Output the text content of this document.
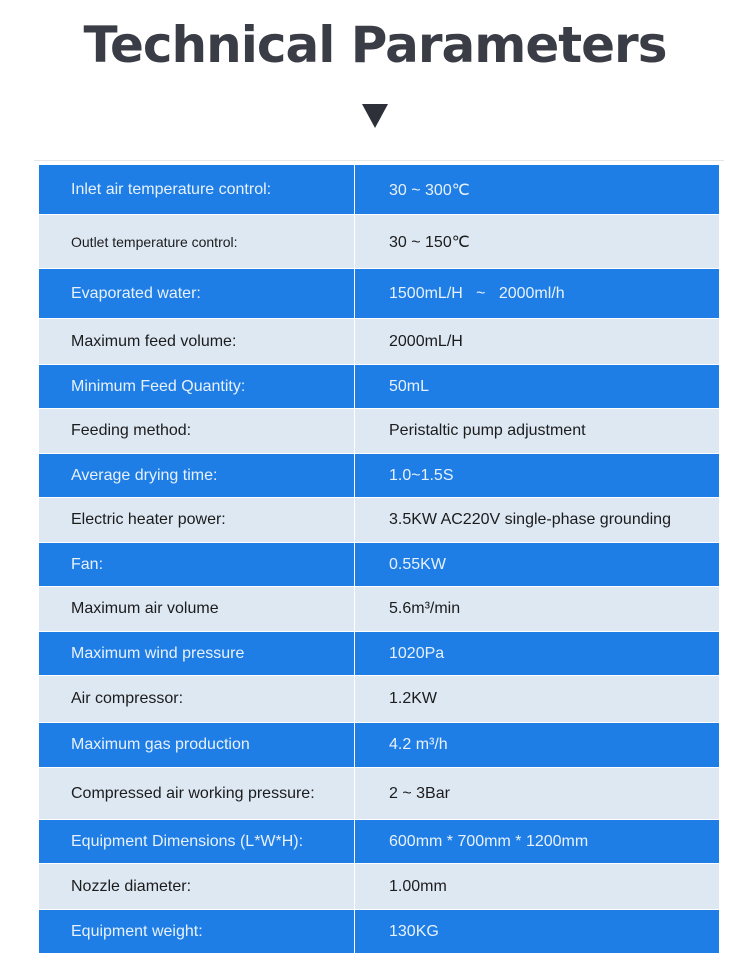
Technical Parameters
Inlet air temperature control:	30 ~ 300℃
Outlet temperature control:	30 ~ 150℃
Evaporated water:	1500mL/H   ~   2000ml/h
Maximum feed volume:	2000mL/H
Minimum Feed Quantity:	50mL
Feeding method:	Peristaltic pump adjustment
Average drying time:	1.0~1.5S
Electric heater power:	3.5KW AC220V single-phase grounding
Fan:	0.55KW
Maximum air volume	5.6m³/min
Maximum wind pressure	1020Pa
Air compressor:	1.2KW
Maximum gas production	4.2 m³/h
Compressed air working pressure:	2 ~ 3Bar
Equipment Dimensions (L*W*H):	600mm * 700mm * 1200mm
Nozzle diameter:	1.00mm
Equipment weight:	130KG
